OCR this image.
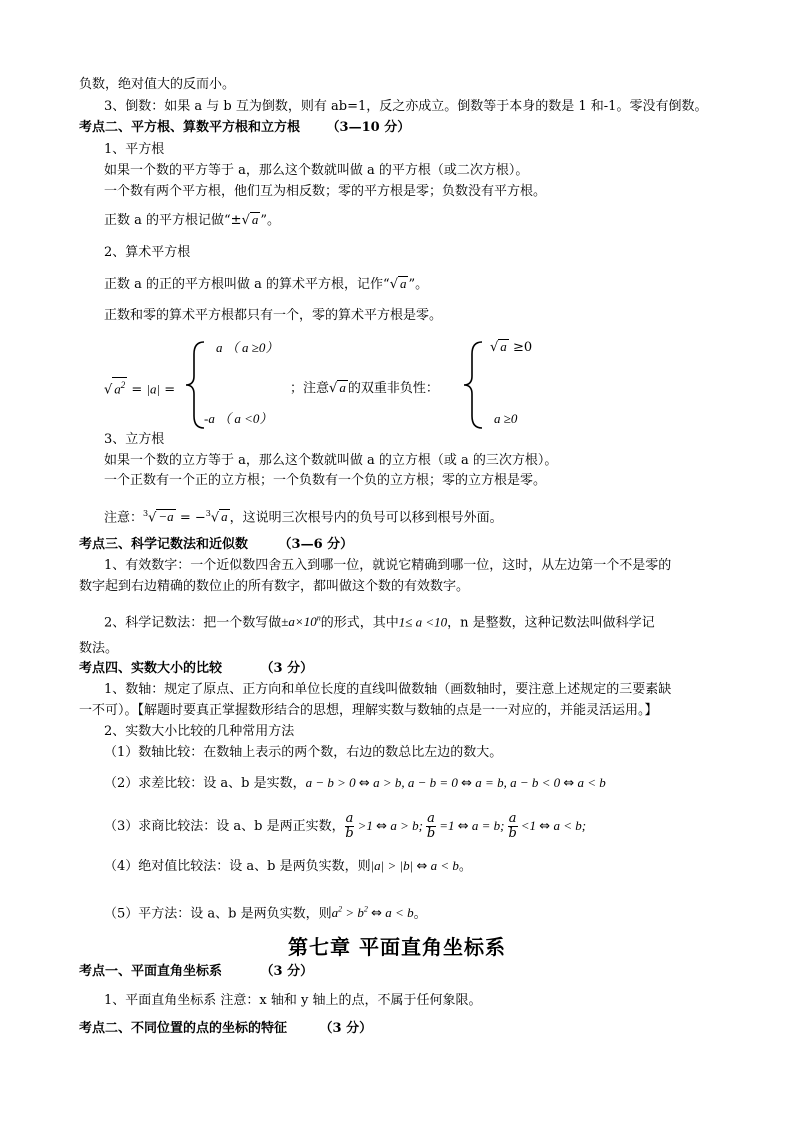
负数，绝对值大的反而小。
3、倒数：如果 a 与 b 互为倒数，则有 ab=1，反之亦成立。倒数等于本身的数是 1 和-1。零没有倒数。
考点二、平方根、算数平方根和立方根 （3—10 分）
1、平方根
如果一个数的平方等于 a，那么这个数就叫做 a 的平方根（或二次方根）。
一个数有两个平方根，他们互为相反数；零的平方根是零；负数没有平方根。
正数 a 的平方根记做“±√ a ”。
2、算术平方根
正数 a 的正的平方根叫做 a 的算术平方根，记作“√ a ”。
正数和零的算术平方根都只有一个，零的算术平方根是零。
√ $a^2 = |a|$ =
a （ a ≥0）
-a （ a <0）
；注意√ a 的双重非负性：
√ a ≥0
a ≥0
3、立方根
如果一个数的立方等于 a，那么这个数就叫做 a 的立方根（或 a 的三次方根）。
一个正数有一个正的立方根；一个负数有一个负的立方根；零的立方根是零。
注意：$^3$√ −a = −$^3$√ a ，这说明三次根号内的负号可以移到根号外面。
考点三、科学记数法和近似数 （3—6 分）
1、有效数字：一个近似数四舍五入到哪一位，就说它精确到哪一位，这时，从左边第一个不是零的
数字起到右边精确的数位止的所有数字，都叫做这个数的有效数字。
2、科学记数法：把一个数写做$\pm a\times 10^n$的形式，其中1≤ a <10，n 是整数，这种记数法叫做科学记
数法。
考点四、实数大小的比较	（3 分）
1、数轴：规定了原点、正方向和单位长度的直线叫做数轴（画数轴时，要注意上述规定的三要素缺
一不可）。【解题时要真正掌握数形结合的思想，理解实数与数轴的点是一一对应的，并能灵活运用。】
2、实数大小比较的几种常用方法
（1）数轴比较：在数轴上表示的两个数，右边的数总比左边的数大。
（2）求差比较：设 a、b 是实数，a − b > 0 ⇔ a > b, a − b = 0 ⇔ a = b, a − b < 0 ⇔ a < b
（3）求商比较法：设 a、b 是两正实数， $\frac{a}{b} >1$ ⇔ a > b; $\frac{a}{b} =1$ ⇔ a = b; $\frac{a}{b} <1$ ⇔ a < b;
（4）绝对值比较法：设 a、b 是两负实数，则|a| > |b| ⇔ a < b。
（5）平方法：设 a、b 是两负实数，则$a^2 > b^2$ ⇔ a < b。
第七章 平面直角坐标系
考点一、平面直角坐标系	（3 分）
1、平面直角坐标系 注意：x 轴和 y 轴上的点，不属于任何象限。
考点二、不同位置的点的坐标的特征	（3 分）
